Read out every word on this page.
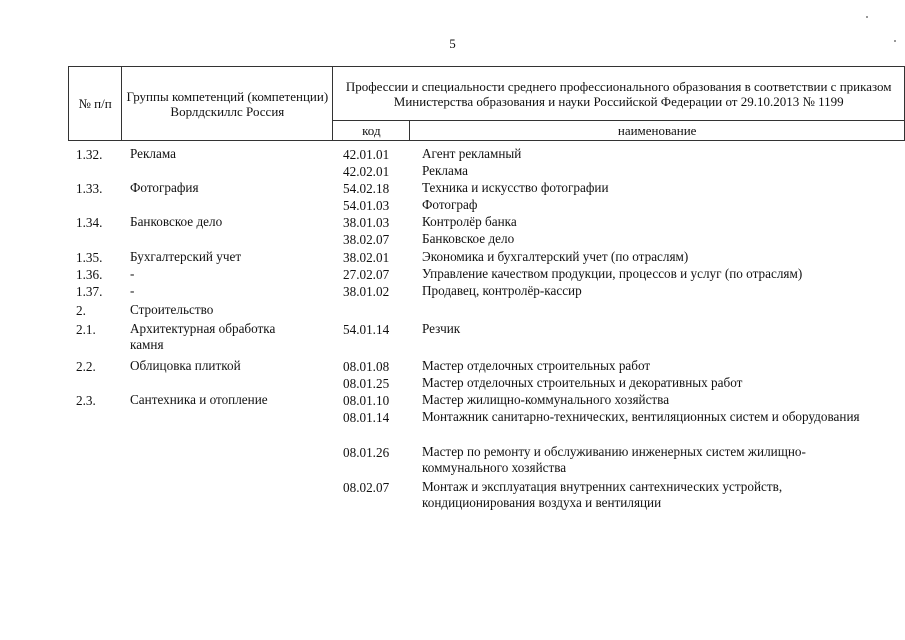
5
№ п/п	Группы компетенций (компетенции) Ворлдскиллс Россия	Профессии и специальности среднего профессионального образования в соответствии с приказом Министерства образования и науки Российской Федерации от 29.10.2013 № 1199	
		код	наименование
1.32. Реклама	42.01.01 Агент рекламный
42.02.01 Реклама
1.33. Фотография	54.02.18 Техника и искусство фотографии
54.01.03 Фотограф
1.34. Банковское дело	38.01.03 Контролёр банка
38.02.07 Банковское дело
1.35. Бухгалтерский учет	38.02.01 Экономика и бухгалтерский учет (по отраслям)
1.36. -	27.02.07 Управление качеством продукции, процессов и услуг (по отраслям)
1.37. -	38.01.02 Продавец, контролёр-кассир
2.	Строительство
2.1.	Архитектурная обработка камня
54.01.14 Резчик
2.2.	Облицовка плиткой	08.01.08 Мастер отделочных строительных работ
08.01.25 Мастер отделочных строительных и декоративных работ
2.3.	Сантехника и отопление	08.01.10 Мастер жилищно-коммунального хозяйства
08.01.14 Монтажник санитарно-технических, вентиляционных систем и оборудования
08.01.26 Мастер по ремонту и обслуживанию инженерных систем жилищно-коммунального хозяйства
08.02.07 Монтаж и эксплуатация внутренних сантехнических устройств, кондиционирования воздуха и вентиляции
